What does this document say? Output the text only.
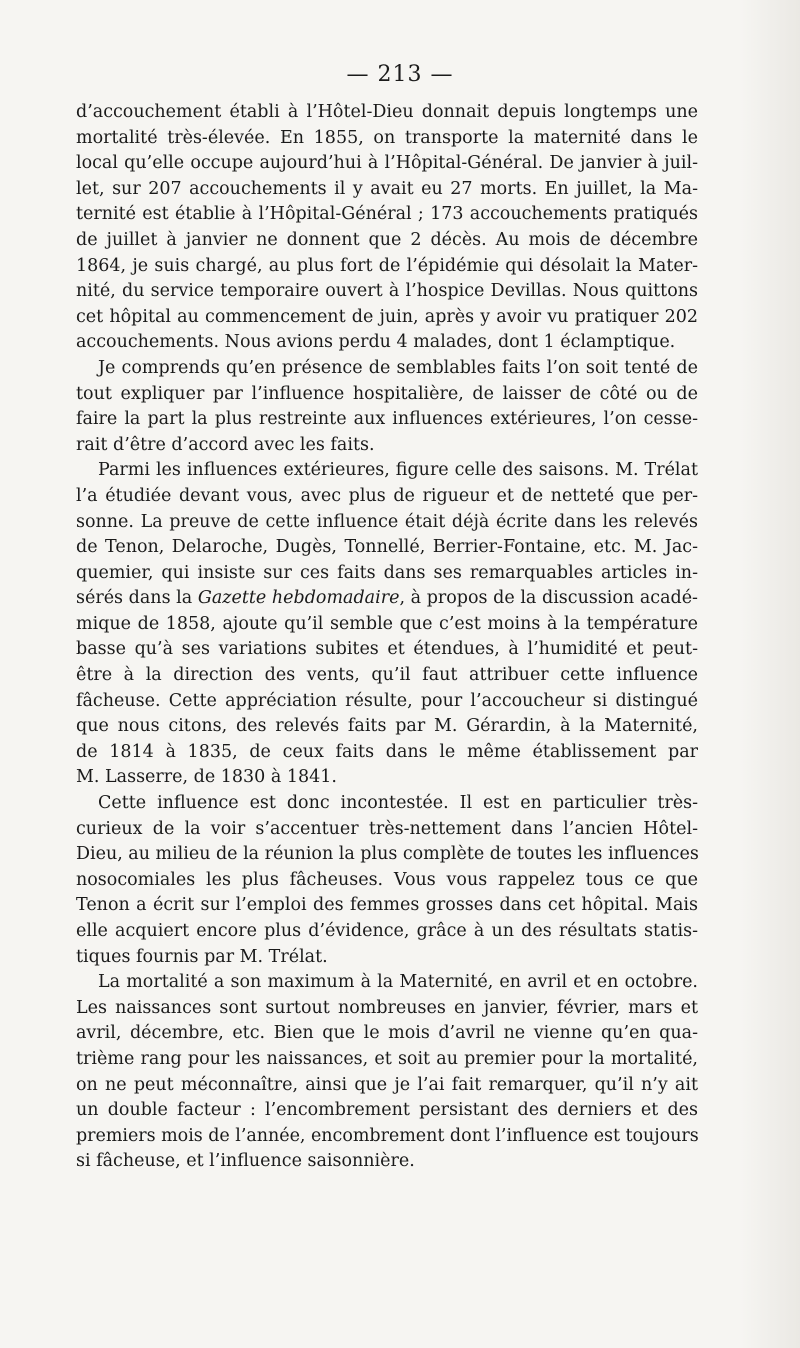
— 213 —
d’accouchement établi à l’Hôtel-Dieu donnait depuis longtemps une
mortalité très-élevée. En 1855, on transporte la maternité dans le
local qu’elle occupe aujourd’hui à l’Hôpital-Général. De janvier à juil-
let, sur 207 accouchements il y avait eu 27 morts. En juillet, la Ma-
ternité est établie à l’Hôpital-Général ; 173 accouchements pratiqués
de juillet à janvier ne donnent que 2 décès. Au mois de décembre
1864, je suis chargé, au plus fort de l’épidémie qui désolait la Mater-
nité, du service temporaire ouvert à l’hospice Devillas. Nous quittons
cet hôpital au commencement de juin, après y avoir vu pratiquer 202
accouchements. Nous avions perdu 4 malades, dont 1 éclamptique.
Je comprends qu’en présence de semblables faits l’on soit tenté de
tout expliquer par l’influence hospitalière, de laisser de côté ou de
faire la part la plus restreinte aux influences extérieures, l’on cesse-
rait d’être d’accord avec les faits.
Parmi les influences extérieures, figure celle des saisons. M. Trélat
l’a étudiée devant vous, avec plus de rigueur et de netteté que per-
sonne. La preuve de cette influence était déjà écrite dans les relevés
de Tenon, Delaroche, Dugès, Tonnellé, Berrier-Fontaine, etc. M. Jac-
quemier, qui insiste sur ces faits dans ses remarquables articles in-
sérés dans la Gazette hebdomadaire, à propos de la discussion acadé-
mique de 1858, ajoute qu’il semble que c’est moins à la température
basse qu’à ses variations subites et étendues, à l’humidité et peut-
être à la direction des vents, qu’il faut attribuer cette influence
fâcheuse. Cette appréciation résulte, pour l’accoucheur si distingué
que nous citons, des relevés faits par M. Gérardin, à la Maternité,
de 1814 à 1835, de ceux faits dans le même établissement par
M. Lasserre, de 1830 à 1841.
Cette influence est donc incontestée. Il est en particulier très-
curieux de la voir s’accentuer très-nettement dans l’ancien Hôtel-
Dieu, au milieu de la réunion la plus complète de toutes les influences
nosocomiales les plus fâcheuses. Vous vous rappelez tous ce que
Tenon a écrit sur l’emploi des femmes grosses dans cet hôpital. Mais
elle acquiert encore plus d’évidence, grâce à un des résultats statis-
tiques fournis par M. Trélat.
La mortalité a son maximum à la Maternité, en avril et en octobre.
Les naissances sont surtout nombreuses en janvier, février, mars et
avril, décembre, etc. Bien que le mois d’avril ne vienne qu’en qua-
trième rang pour les naissances, et soit au premier pour la mortalité,
on ne peut méconnaître, ainsi que je l’ai fait remarquer, qu’il n’y ait
un double facteur : l’encombrement persistant des derniers et des
premiers mois de l’année, encombrement dont l’influence est toujours
si fâcheuse, et l’influence saisonnière.
